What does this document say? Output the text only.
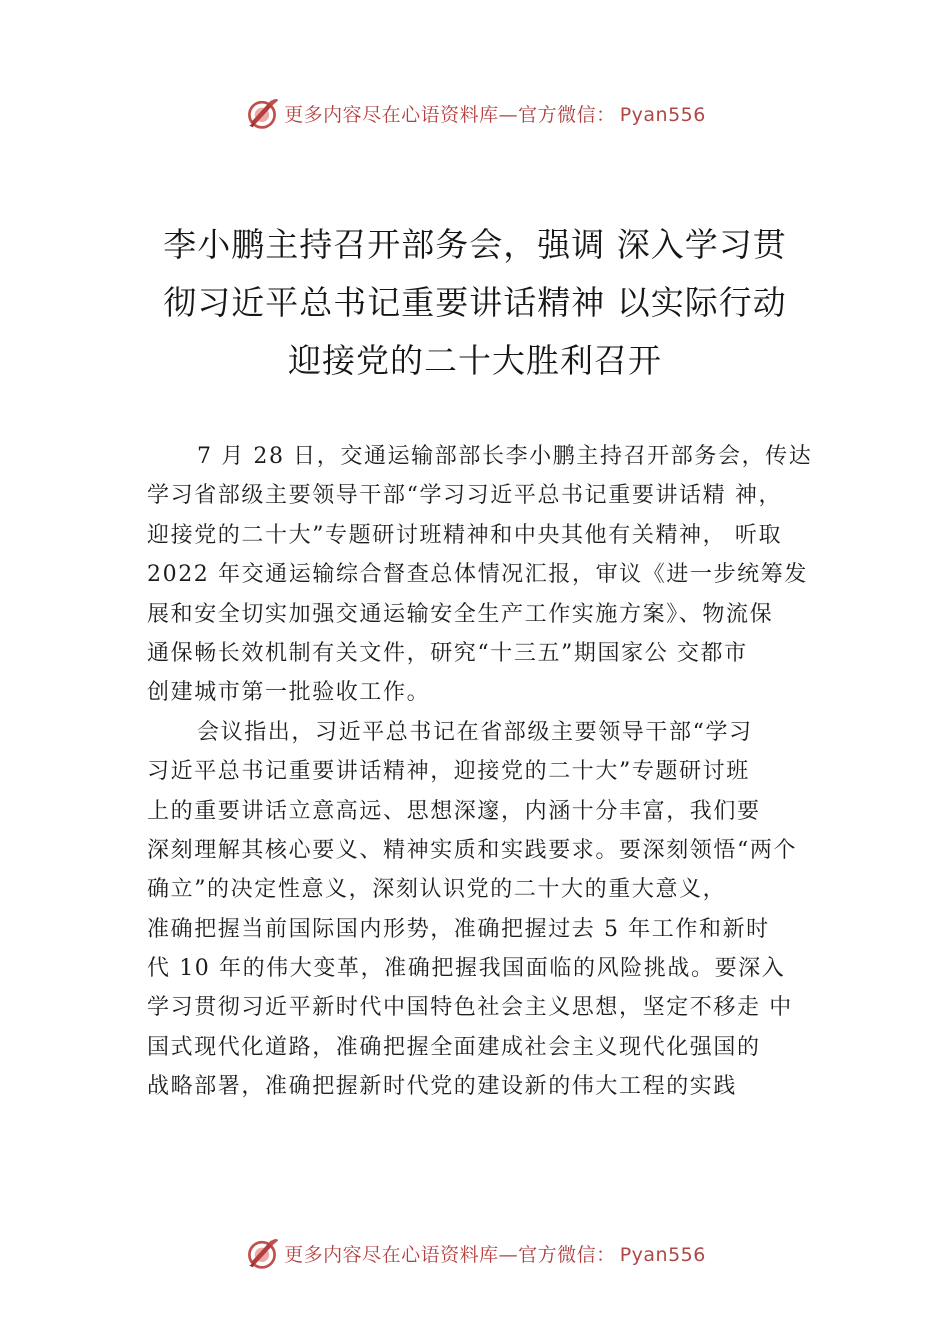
更多内容尽在心语资料库—官方微信： Pyan556
李小鹏主持召开部务会，强调 深入学习贯
彻习近平总书记重要讲话精神 以实际行动
迎接党的二十大胜利召开
7 月 28 日，交通运输部部长李小鹏主持召开部务会，传达
学习省部级主要领导干部“学习习近平总书记重要讲话精 神，
迎接党的二十大”专题研讨班精神和中央其他有关精神， 听取
2022 年交通运输综合督查总体情况汇报，审议《进一步统筹发
展和安全切实加强交通运输安全生产工作实施方案》、物流保
通保畅长效机制有关文件，研究“十三五”期国家公 交都市
创建城市第一批验收工作。
会议指出，习近平总书记在省部级主要领导干部“学习
习近平总书记重要讲话精神，迎接党的二十大”专题研讨班
上的重要讲话立意高远、思想深邃，内涵十分丰富，我们要
深刻理解其核心要义、精神实质和实践要求。要深刻领悟“两个
确立”的决定性意义，深刻认识党的二十大的重大意义，
准确把握当前国际国内形势，准确把握过去 5 年工作和新时
代 10 年的伟大变革，准确把握我国面临的风险挑战。要深入
学习贯彻习近平新时代中国特色社会主义思想，坚定不移走 中
国式现代化道路，准确把握全面建成社会主义现代化强国的
战略部署，准确把握新时代党的建设新的伟大工程的实践
更多内容尽在心语资料库—官方微信： Pyan556
